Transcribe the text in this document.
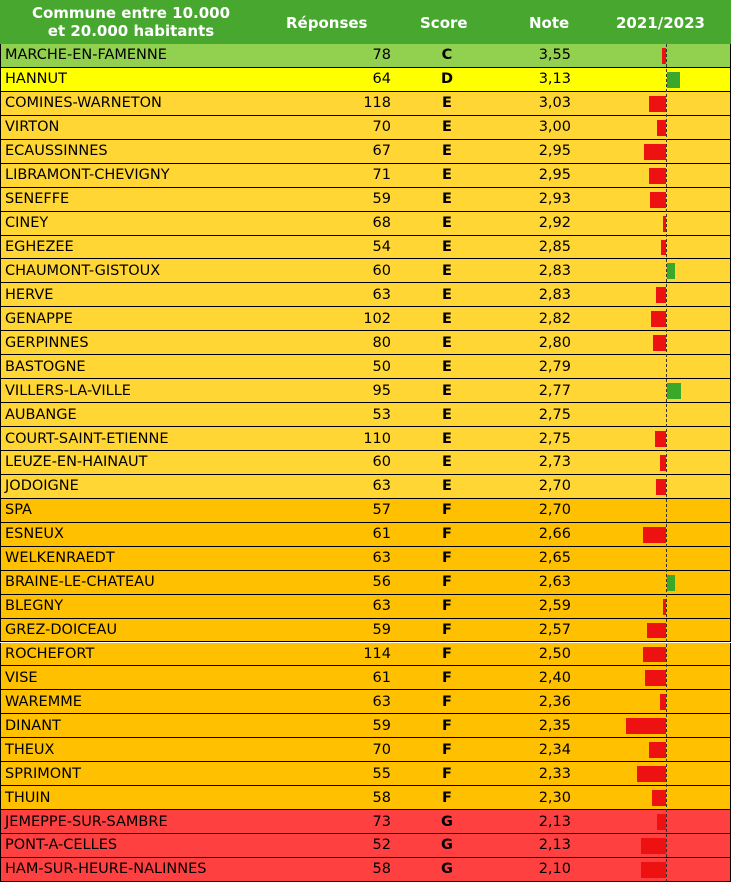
Commune entre 10.000
et 20.000 habitants	Réponses	Score	Note	2021/2023
MARCHE-EN-FAMENNE	78	C	3,55
HANNUT	64	D	3,13
COMINES-WARNETON	118	E	3,03
VIRTON	70	E	3,00
ECAUSSINNES	67	E	2,95
LIBRAMONT-CHEVIGNY	71	E	2,95
SENEFFE	59	E	2,93
CINEY	68	E	2,92
EGHEZEE	54	E	2,85
CHAUMONT-GISTOUX	60	E	2,83
HERVE	63	E	2,83
GENAPPE	102	E	2,82
GERPINNES	80	E	2,80
BASTOGNE	50	E	2,79
VILLERS-LA-VILLE	95	E	2,77
AUBANGE	53	E	2,75
COURT-SAINT-ETIENNE	110	E	2,75
LEUZE-EN-HAINAUT	60	E	2,73
JODOIGNE	63	E	2,70
SPA	57	F	2,70
ESNEUX	61	F	2,66
WELKENRAEDT	63	F	2,65
BRAINE-LE-CHATEAU	56	F	2,63
BLEGNY	63	F	2,59
GREZ-DOICEAU	59	F	2,57
ROCHEFORT	114	F	2,50
VISE	61	F	2,40
WAREMME	63	F	2,36
DINANT	59	F	2,35
THEUX	70	F	2,34
SPRIMONT	55	F	2,33
THUIN	58	F	2,30
JEMEPPE-SUR-SAMBRE	73	G	2,13
PONT-A-CELLES	52	G	2,13
HAM-SUR-HEURE-NALINNES	58	G	2,10
